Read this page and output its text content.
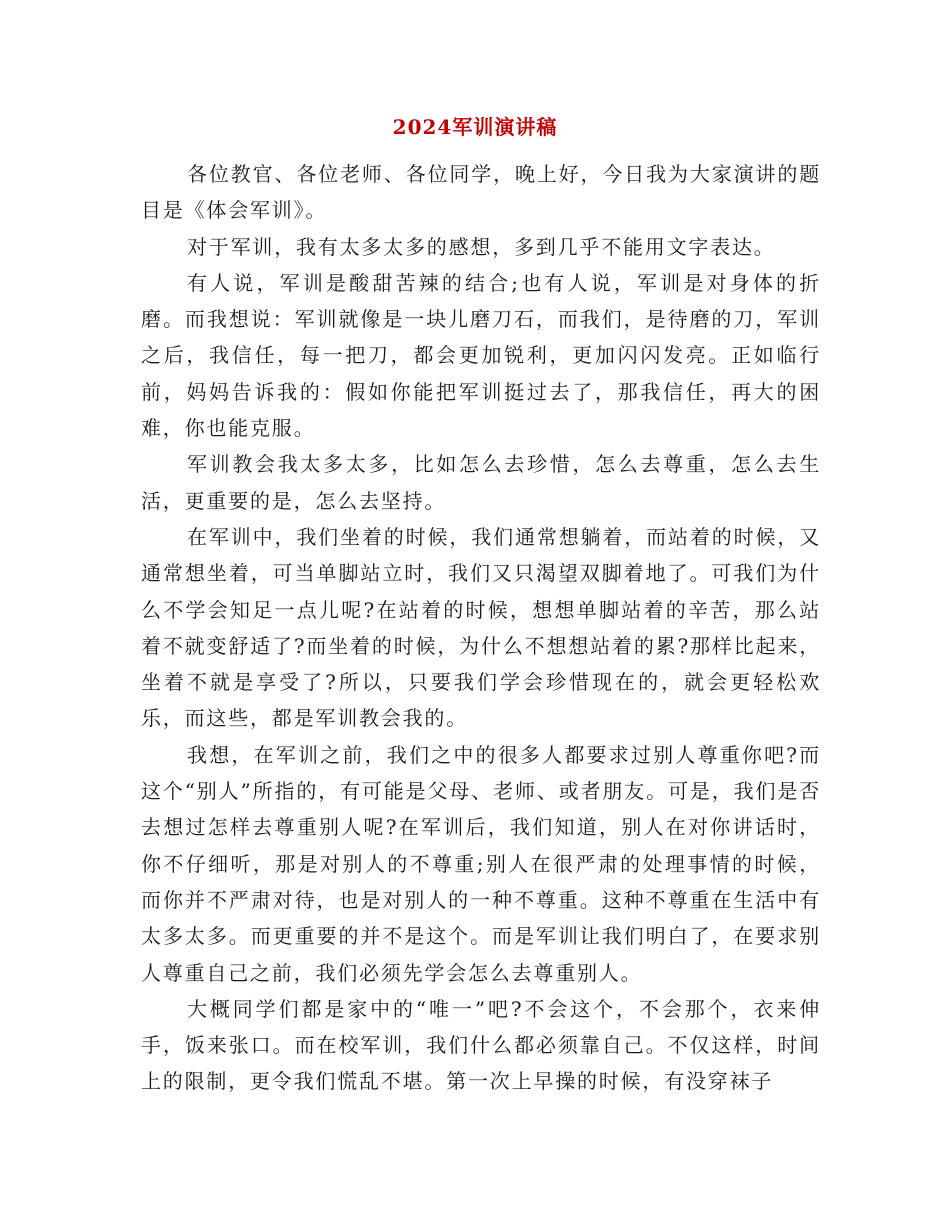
2024军训演讲稿

各位教官、各位老师、各位同学，晚上好，今日我为大家演讲的题目是《体会军训》。

对于军训，我有太多太多的感想，多到几乎不能用文字表达。

有人说，军训是酸甜苦辣的结合;也有人说，军训是对身体的折磨。而我想说：军训就像是一块儿磨刀石，而我们，是待磨的刀，军训之后，我信任，每一把刀，都会更加锐利，更加闪闪发亮。正如临行前，妈妈告诉我的：假如你能把军训挺过去了，那我信任，再大的困难，你也能克服。

军训教会我太多太多，比如怎么去珍惜，怎么去尊重，怎么去生活，更重要的是，怎么去坚持。

在军训中，我们坐着的时候，我们通常想躺着，而站着的时候，又通常想坐着，可当单脚站立时，我们又只渴望双脚着地了。可我们为什么不学会知足一点儿呢?在站着的时候，想想单脚站着的辛苦，那么站着不就变舒适了?而坐着的时候，为什么不想想站着的累?那样比起来，坐着不就是享受了?所以，只要我们学会珍惜现在的，就会更轻松欢乐，而这些，都是军训教会我的。

我想，在军训之前，我们之中的很多人都要求过别人尊重你吧?而这个“别人”所指的，有可能是父母、老师、或者朋友。可是，我们是否去想过怎样去尊重别人呢?在军训后，我们知道，别人在对你讲话时，你不仔细听，那是对别人的不尊重;别人在很严肃的处理事情的时候，而你并不严肃对待，也是对别人的一种不尊重。这种不尊重在生活中有太多太多。而更重要的并不是这个。而是军训让我们明白了，在要求别人尊重自己之前，我们必须先学会怎么去尊重别人。

大概同学们都是家中的“唯一”吧?不会这个，不会那个，衣来伸手，饭来张口。而在校军训，我们什么都必须靠自己。不仅这样，时间上的限制，更令我们慌乱不堪。第一次上早操的时候，有没穿袜子
